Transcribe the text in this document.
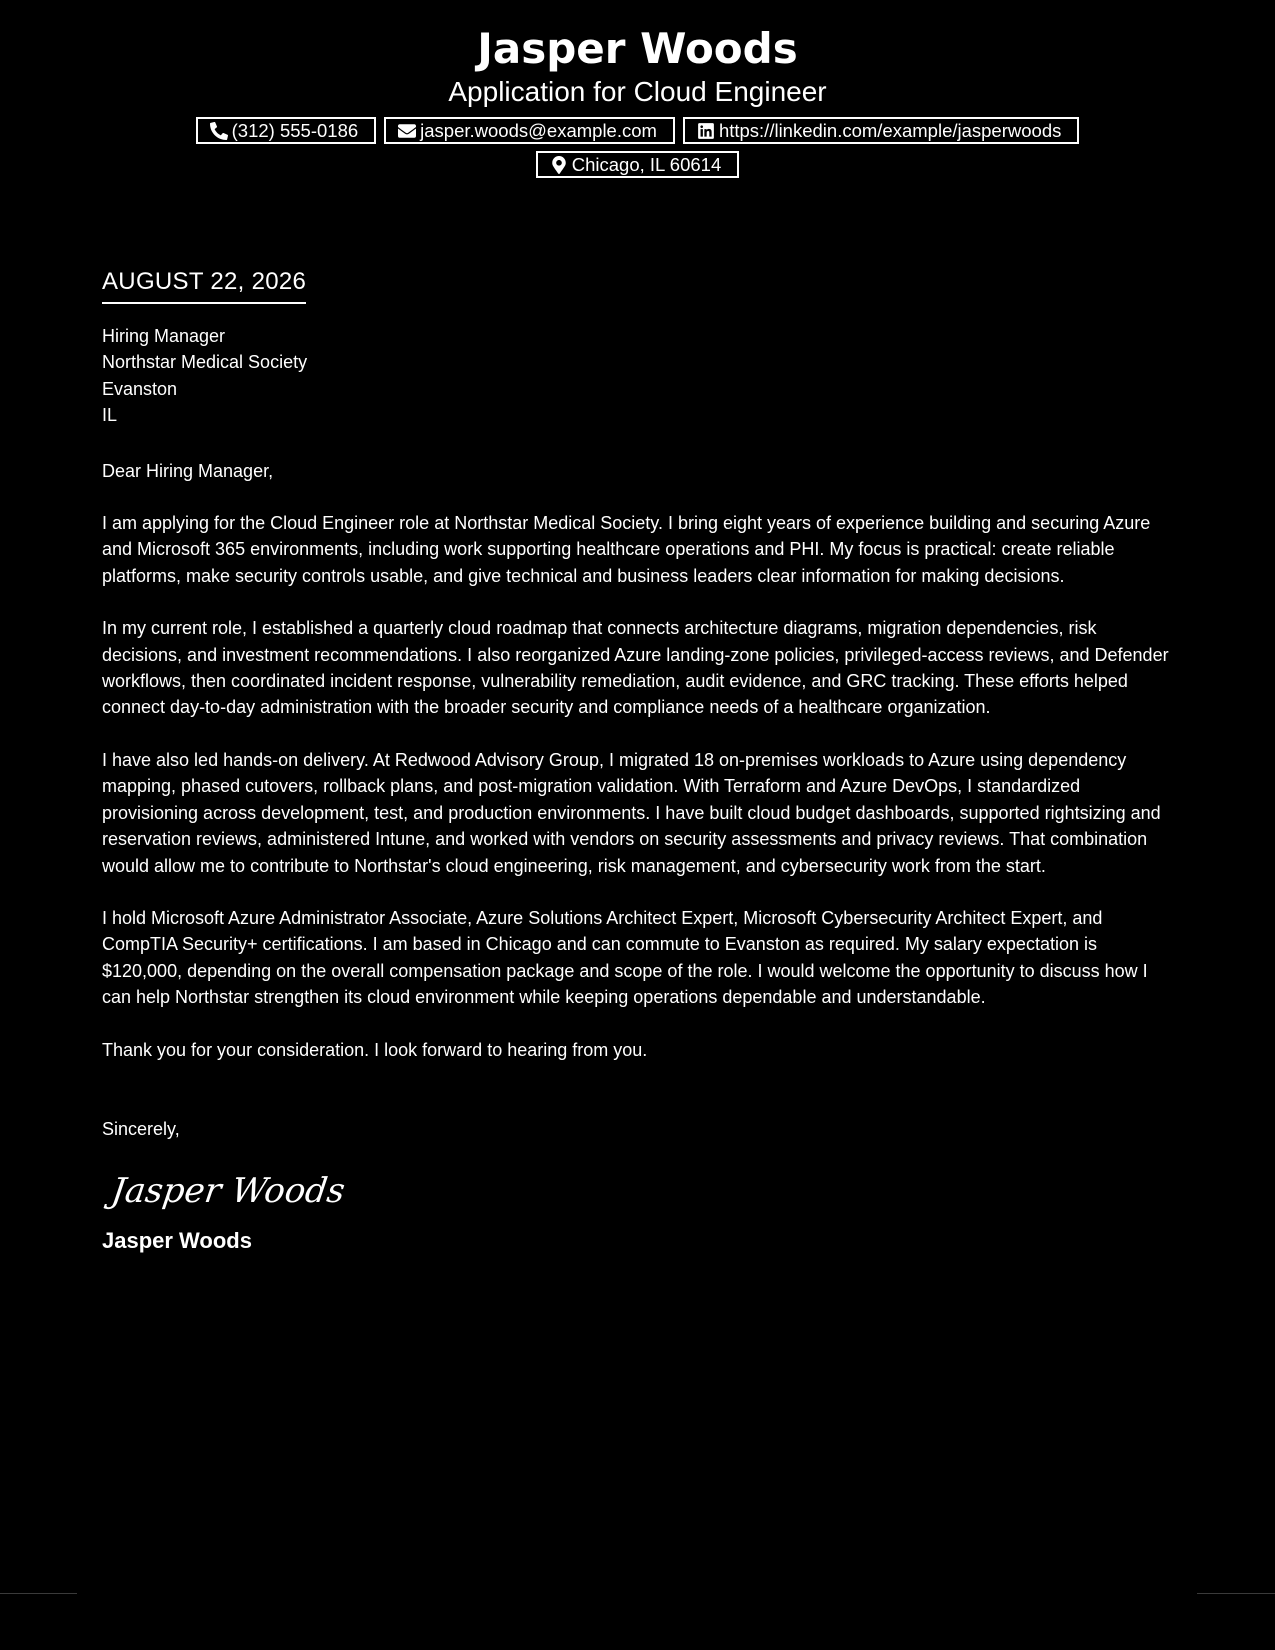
Jasper Woods
Application for Cloud Engineer
(312) 555-0186	jasper.woods@example.com	https://linkedin.com/example/jasperwoods
Chicago, IL 60614
AUGUST 22, 2026
Hiring Manager
Northstar Medical Society
Evanston
IL
Dear Hiring Manager,
I am applying for the Cloud Engineer role at Northstar Medical Society. I bring eight years of experience building and securing Azure and Microsoft 365 environments, including work supporting healthcare operations and PHI. My focus is practical: create reliable platforms, make security controls usable, and give technical and business leaders clear information for making decisions.
In my current role, I established a quarterly cloud roadmap that connects architecture diagrams, migration dependencies, risk decisions, and investment recommendations. I also reorganized Azure landing-zone policies, privileged-access reviews, and Defender workflows, then coordinated incident response, vulnerability remediation, audit evidence, and GRC tracking. These efforts helped connect day-to-day administration with the broader security and compliance needs of a healthcare organization.
I have also led hands-on delivery. At Redwood Advisory Group, I migrated 18 on-premises workloads to Azure using dependency mapping, phased cutovers, rollback plans, and post-migration validation. With Terraform and Azure DevOps, I standardized provisioning across development, test, and production environments. I have built cloud budget dashboards, supported rightsizing and reservation reviews, administered Intune, and worked with vendors on security assessments and privacy reviews. That combination would allow me to contribute to Northstar's cloud engineering, risk management, and cybersecurity work from the start.
I hold Microsoft Azure Administrator Associate, Azure Solutions Architect Expert, Microsoft Cybersecurity Architect Expert, and CompTIA Security+ certifications. I am based in Chicago and can commute to Evanston as required. My salary expectation is $120,000, depending on the overall compensation package and scope of the role. I would welcome the opportunity to discuss how I can help Northstar strengthen its cloud environment while keeping operations dependable and understandable.
Thank you for your consideration. I look forward to hearing from you.
Sincerely,
Jasper Woods
Jasper Woods
